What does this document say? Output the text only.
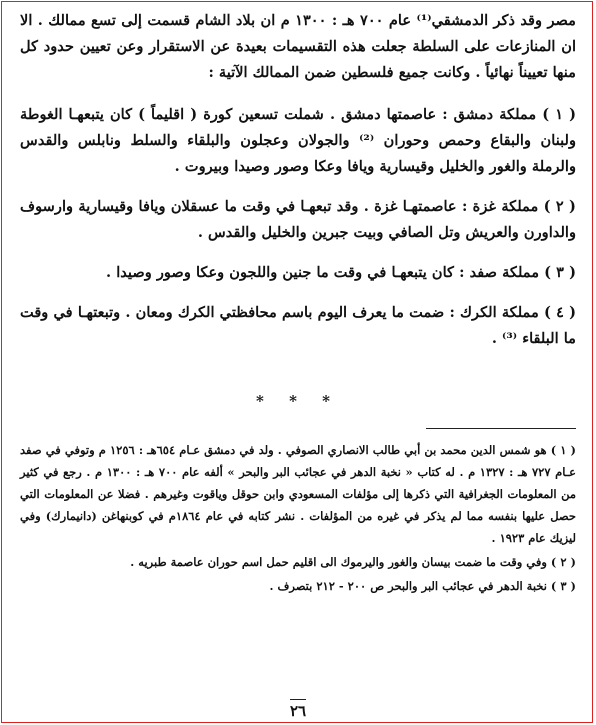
مصر وقد ذكر الدمشقي⁽¹⁾ عام ٧٠٠ هـ : ١٣٠٠ م ان بلاد الشام قسمت إلى تسع ممالك . الا ان المنازعات على السلطة جعلت هذه التقسيمات بعيدة عن الاستقرار وعن تعيين حدود كل منها تعييناً نهائياً . وكانت جميع فلسطين ضمن الممالك الآتية :

( ١ ) مملكة دمشق : عاصمتها دمشق . شملت تسعين كورة ( اقليماً ) كان يتبعهـا الغوطة ولبنان والبقاع وحمص وحوران ⁽²⁾ والجولان وعجلون والبلقاء والسلط ونابلس والقدس والرملة والغور والخليل وقيسارية ويافا وعكا وصور وصيدا وبيروت .

( ٢ ) مملكة غزة : عاصمتهـا غزة . وقد تبعهـا في وقت ما عسقلان ويافا وقيسارية وارسوف والداورن والعريش وتل الصافي وبيت جبرين والخليل والقدس .

( ٣ ) مملكة صفد : كان يتبعهـا في وقت ما جنين واللجون وعكا وصور وصيدا .

( ٤ ) مملكة الكرك : ضمت ما يعرف اليوم باسم محافظتي الكرك ومعان . وتبعتهـا في وقت ما البلقاء ⁽³⁾ .

* * *

( ١ ) هو شمس الدين محمد بن أبي طالب الانصاري الصوفي . ولد في دمشق عـام ٦٥٤هـ : ١٢٥٦ م وتوفي في صفد عـام ٧٢٧ هـ : ١٣٢٧ م . له كتاب « نخبة الدهر في عجائب البر والبحر » ألفه عام ٧٠٠ هـ : ١٣٠٠ م . رجع في كثير من المعلومات الجغرافية التي ذكرها إلى مؤلفات المسعودي وابن حوقل وياقوت وغيرهم . فضلا عن المعلومات التي حصل عليها بنفسه مما لم يذكر في غيره من المؤلفات . نشر كتابه في عام ١٨٦٤م في كوبنهاغن (دانيمارك) وفي ليزيك عام ١٩٢٣ .

( ٢ ) وفي وقت ما ضمت بيسان والغور واليرموك الى اقليم حمل اسم حوران عاصمة طبريه .

( ٣ ) نخبة الدهر في عجائب البر والبحر ص ٢٠٠ - ٢١٢ بتصرف .

٢٦
